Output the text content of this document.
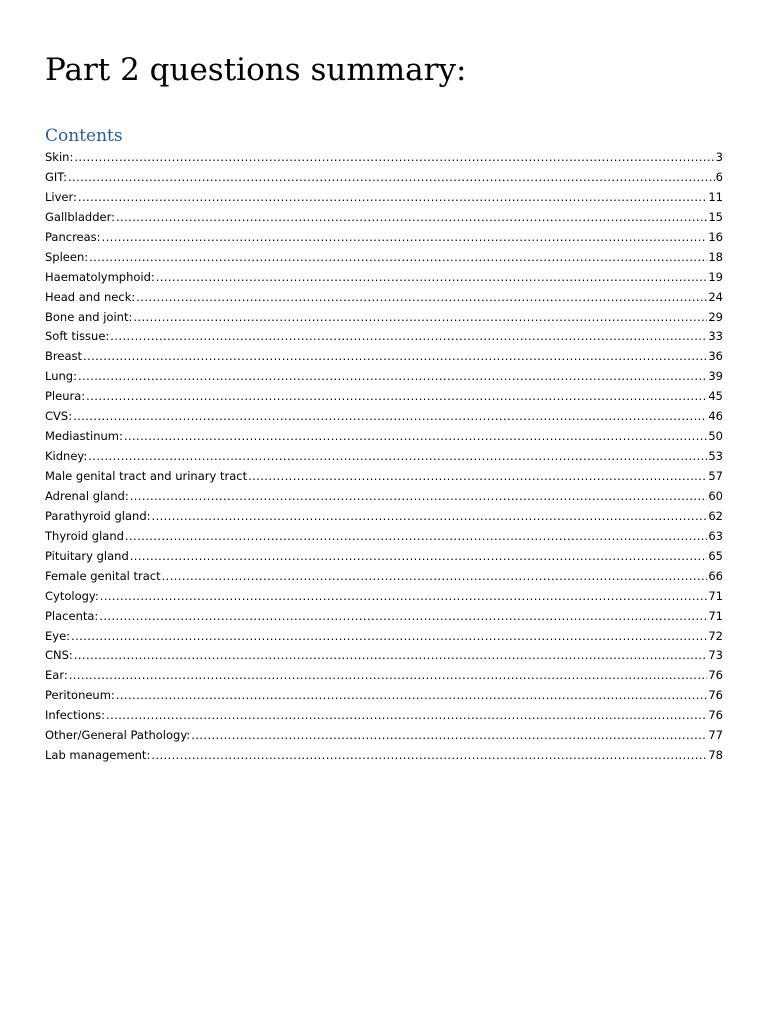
Part 2 questions summary:
Contents
Skin: .....	3
GIT: .....	6
Liver: .....	11
Gallbladder: .....	15
Pancreas: .....	16
Spleen: .....	18
Haematolymphoid: .....	19
Head and neck: .....	24
Bone and joint: .....	29
Soft tissue: .....	33
Breast .....	36
Lung: .....	39
Pleura: .....	45
CVS: .....	46
Mediastinum: .....	50
Kidney: .....	53
Male genital tract and urinary tract .....	57
Adrenal gland: .....	60
Parathyroid gland: .....	62
Thyroid gland .....	63
Pituitary gland .....	65
Female genital tract .....	66
Cytology: .....	71
Placenta: .....	71
Eye: .....	72
CNS: .....	73
Ear: .....	76
Peritoneum: .....	76
Infections: .....	76
Other/General Pathology: .....	77
Lab management: .....	78
